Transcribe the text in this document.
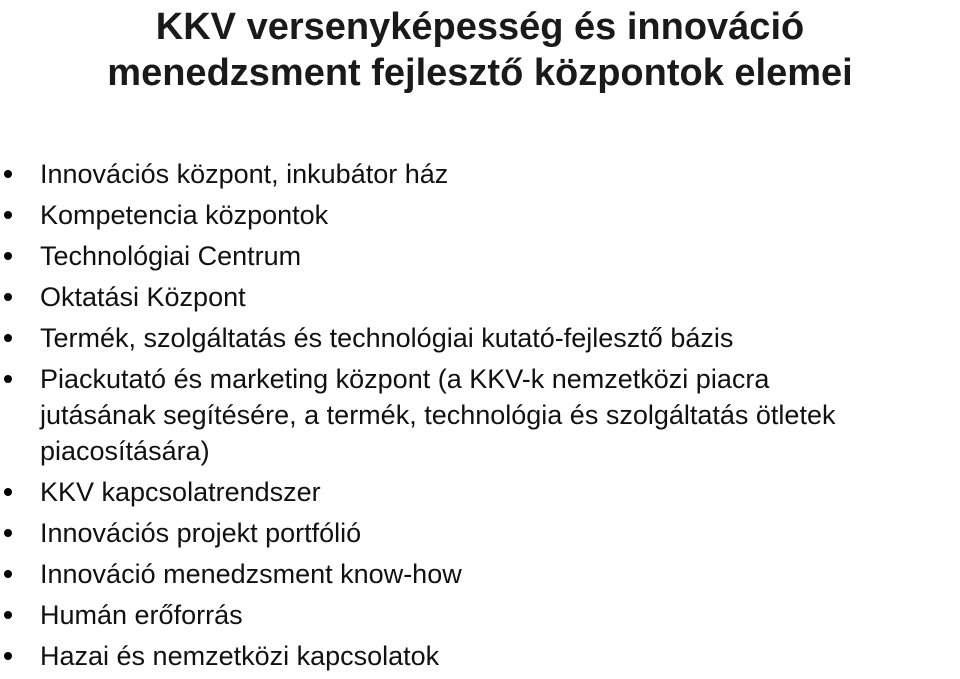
KKV versenyképesség és innováció
menedzsment fejlesztő központok elemei
Innovációs központ, inkubátor ház
Kompetencia központok
Technológiai Centrum
Oktatási Központ
Termék, szolgáltatás és technológiai kutató-fejlesztő bázis
Piackutató és marketing központ (a KKV-k nemzetközi piacra
jutásának segítésére, a termék, technológia és szolgáltatás ötletek
piacosítására)
KKV kapcsolatrendszer
Innovációs projekt portfólió
Innováció menedzsment know-how
Humán erőforrás
Hazai és nemzetközi kapcsolatok
